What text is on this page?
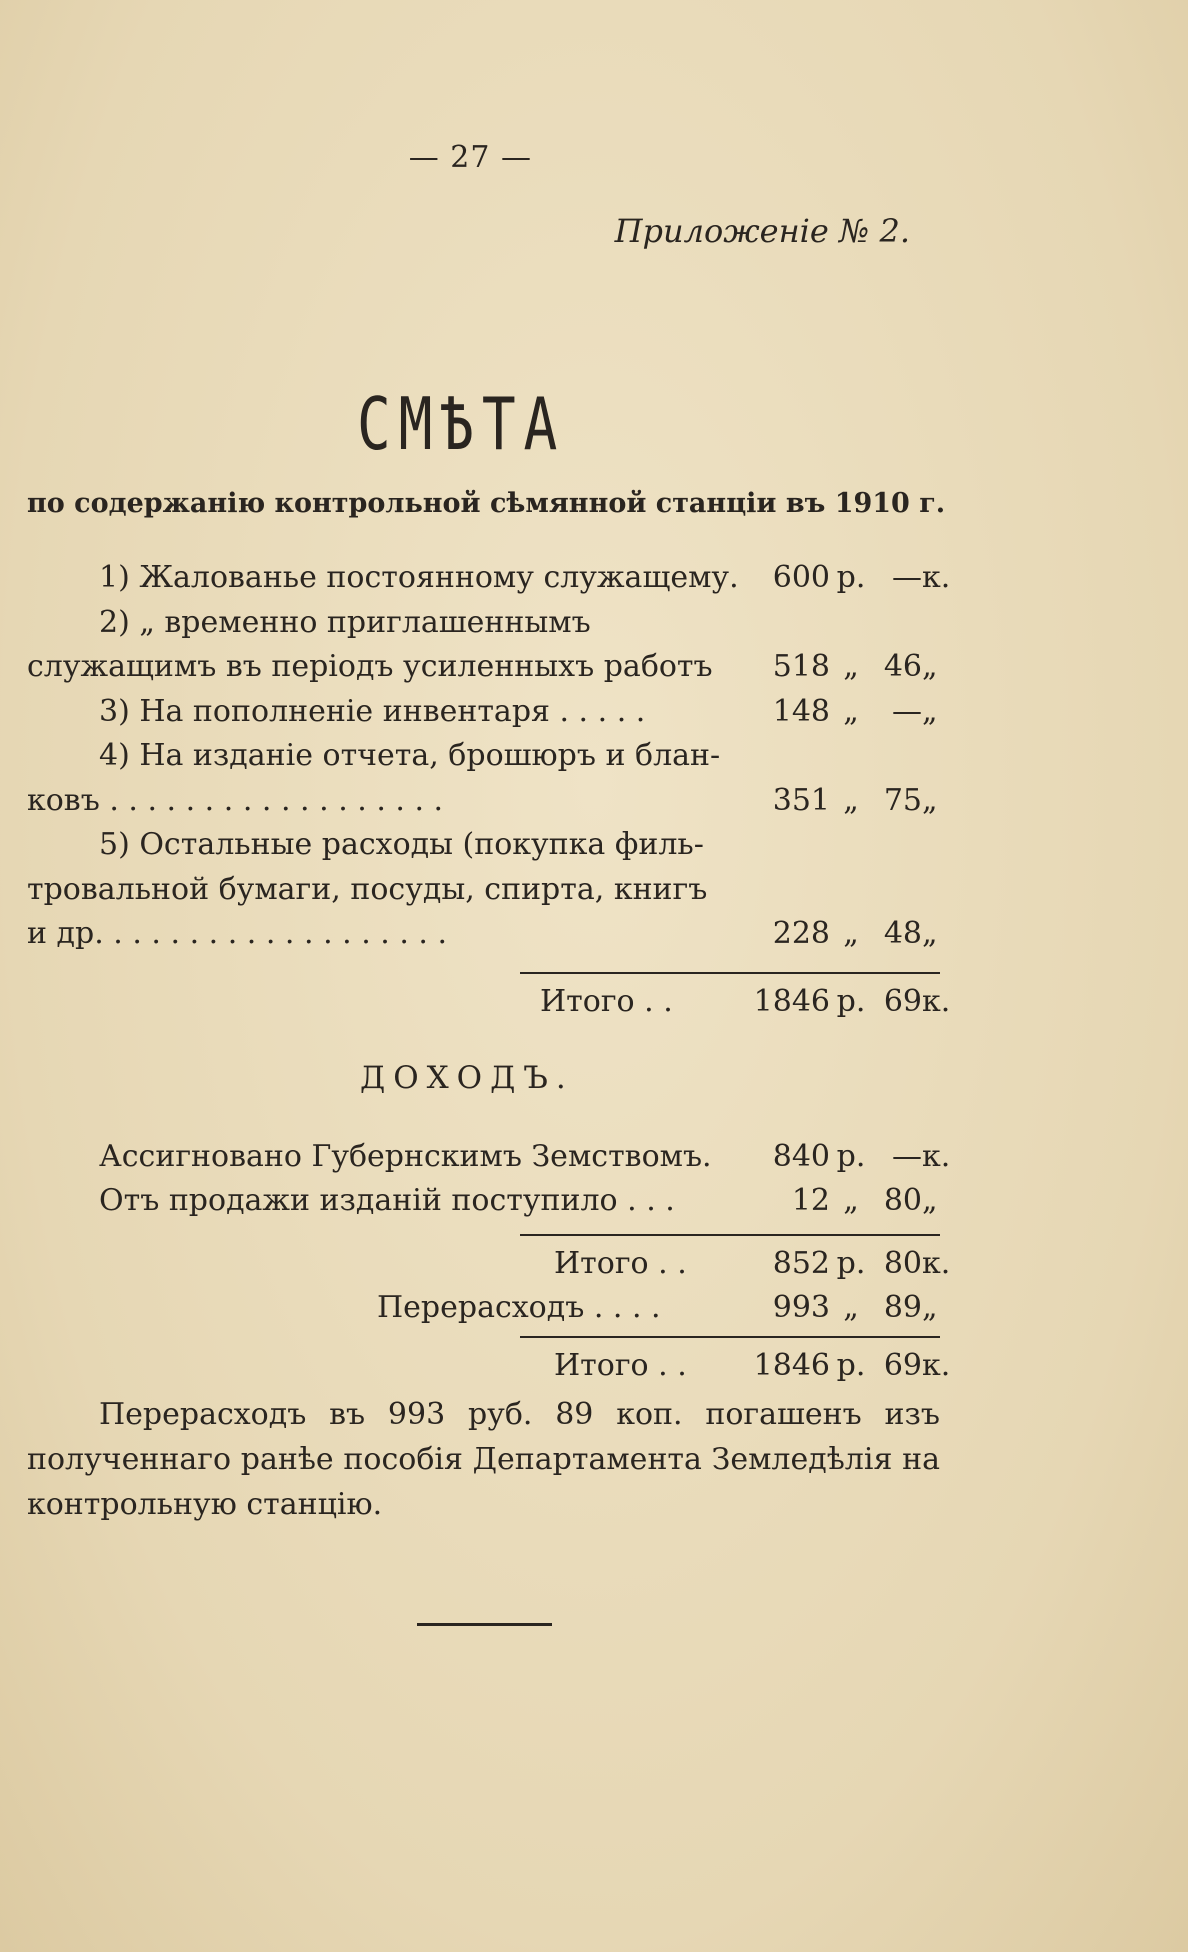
— 27 —
Приложенiе № 2.
СМѢТА
по содержанiю контрольной сѣмянной станцiи въ 1910 г.
1) Жалованье постоянному служащему.	600 р. —к.
2) „ временно приглашеннымъ
служащимъ въ перiодъ усиленныхъ работъ	518 „ 46„
3) На пополненiе инвентаря . . . . .	148 „ —„
4) На изданiе отчета, брошюръ и блан-
ковъ . . . . . . . . . . . . . . . . . .	351 „ 75„
5) Остальные расходы (покупка филь-
тровальной бумаги, посуды, спирта, книгъ
и др. . . . . . . . . . . . . . . . . . .	228 „ 48„
Итого . .	1846 р. 69к.
ДОХОДЪ.
Ассигновано Губернскимъ Земствомъ.	840 р. —к.
Отъ продажи изданiй поступило . . .	12 „ 80„
Итого . .	852 р. 80к.
Перерасходъ . . . .	993 „ 89„
Итого . . 1846 р. 69к.
Перерасходъ въ 993 руб. 89 коп. погашенъ изъ
полученнаго ранѣе пособiя Департамента Земледѣлiя на
контрольную станцiю.
